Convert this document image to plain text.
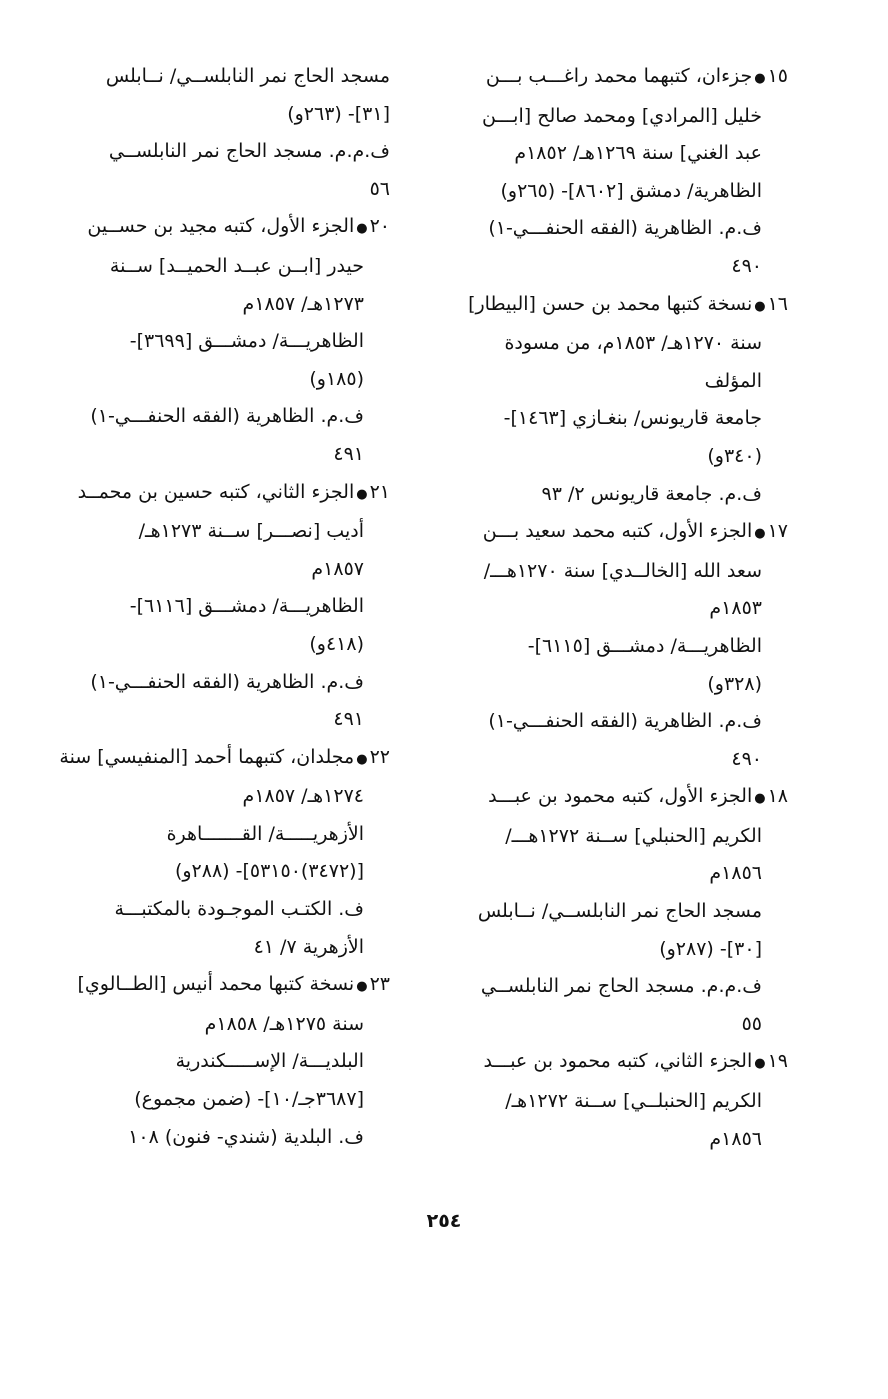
١٥●جزءان، كتبهما محمد راغـــب بـــن
خليل [المرادي] ومحمد صالح [ابـــن
عبد الغني] سنة ١٢٦٩هـ/ ١٨٥٢م
الظاهرية/ دمشق [٨٦٠٢]- (٢٦٥و)
ف.م. الظاهرية (الفقه الحنفـــي-١)
٤٩٠
١٦●نسخة كتبها محمد بن حسن [البيطار]
سنة ١٢٧٠هـ/ ١٨٥٣م، من مسودة
المؤلف
جامعة قاريونس/ بنغـازي [١٤٦٣]-
(٣٤٠و)
ف.م. جامعة قاريونس ٢/ ٩٣
١٧●الجزء الأول، كتبه محمد سعيد بـــن
سعد الله [الخالــدي] سنة ١٢٧٠هـــ/
١٨٥٣م
الظاهريـــة/ دمشـــق [٦١١٥]-
(٣٢٨و)
ف.م. الظاهرية (الفقه الحنفـــي-١)
٤٩٠
١٨●الجزء الأول، كتبه محمود بن عبـــد
الكريم [الحنبلي] ســنة ١٢٧٢هـــ/
١٨٥٦م
مسجد الحاج نمر النابلســي/ نــابلس
[٣٠]- (٢٨٧و)
ف.م.م. مسجد الحاج نمر النابلســي
٥٥
١٩●الجزء الثاني، كتبه محمود بن عبـــد
الكريم [الحنبلــي] ســنة ١٢٧٢هـ/
١٨٥٦م
مسجد الحاج نمر النابلســي/ نــابلس
[٣١]- (٢٦٣و)
ف.م.م. مسجد الحاج نمر النابلســي
٥٦
٢٠●الجزء الأول، كتبه مجيد بن حســين
حيدر [ابــن عبــد الحميــد] ســنة
١٢٧٣هـ/ ١٨٥٧م
الظاهريـــة/ دمشـــق [٣٦٩٩]-
(١٨٥و)
ف.م. الظاهرية (الفقه الحنفـــي-١)
٤٩١
٢١●الجزء الثاني، كتبه حسين بن محمــد
أديب [نصـــر] ســنة ١٢٧٣هـ/
١٨٥٧م
الظاهريـــة/ دمشـــق [٦١١٦]-
(٤١٨و)
ف.م. الظاهرية (الفقه الحنفـــي-١)
٤٩١
٢٢●مجلدان، كتبهما أحمد [المنفيسي] سنة
١٢٧٤هـ/ ١٨٥٧م
الأزهريـــــة/ القـــــــاهرة
[(٣٤٧٢)٥٣١٥٠]- (٢٨٨و)
ف. الكتـب الموجـودة بالمكتبـــة
الأزهرية ٧/ ٤١
٢٣●نسخة كتبها محمد أنيس [الطــالوي]
سنة ١٢٧٥هـ/ ١٨٥٨م
البلديـــة/ الإســـــكندرية
[٣٦٨٧جـ/١٠]- (ضمن مجموع)
ف. البلدية (شندي- فنون) ١٠٨
٢٥٤
